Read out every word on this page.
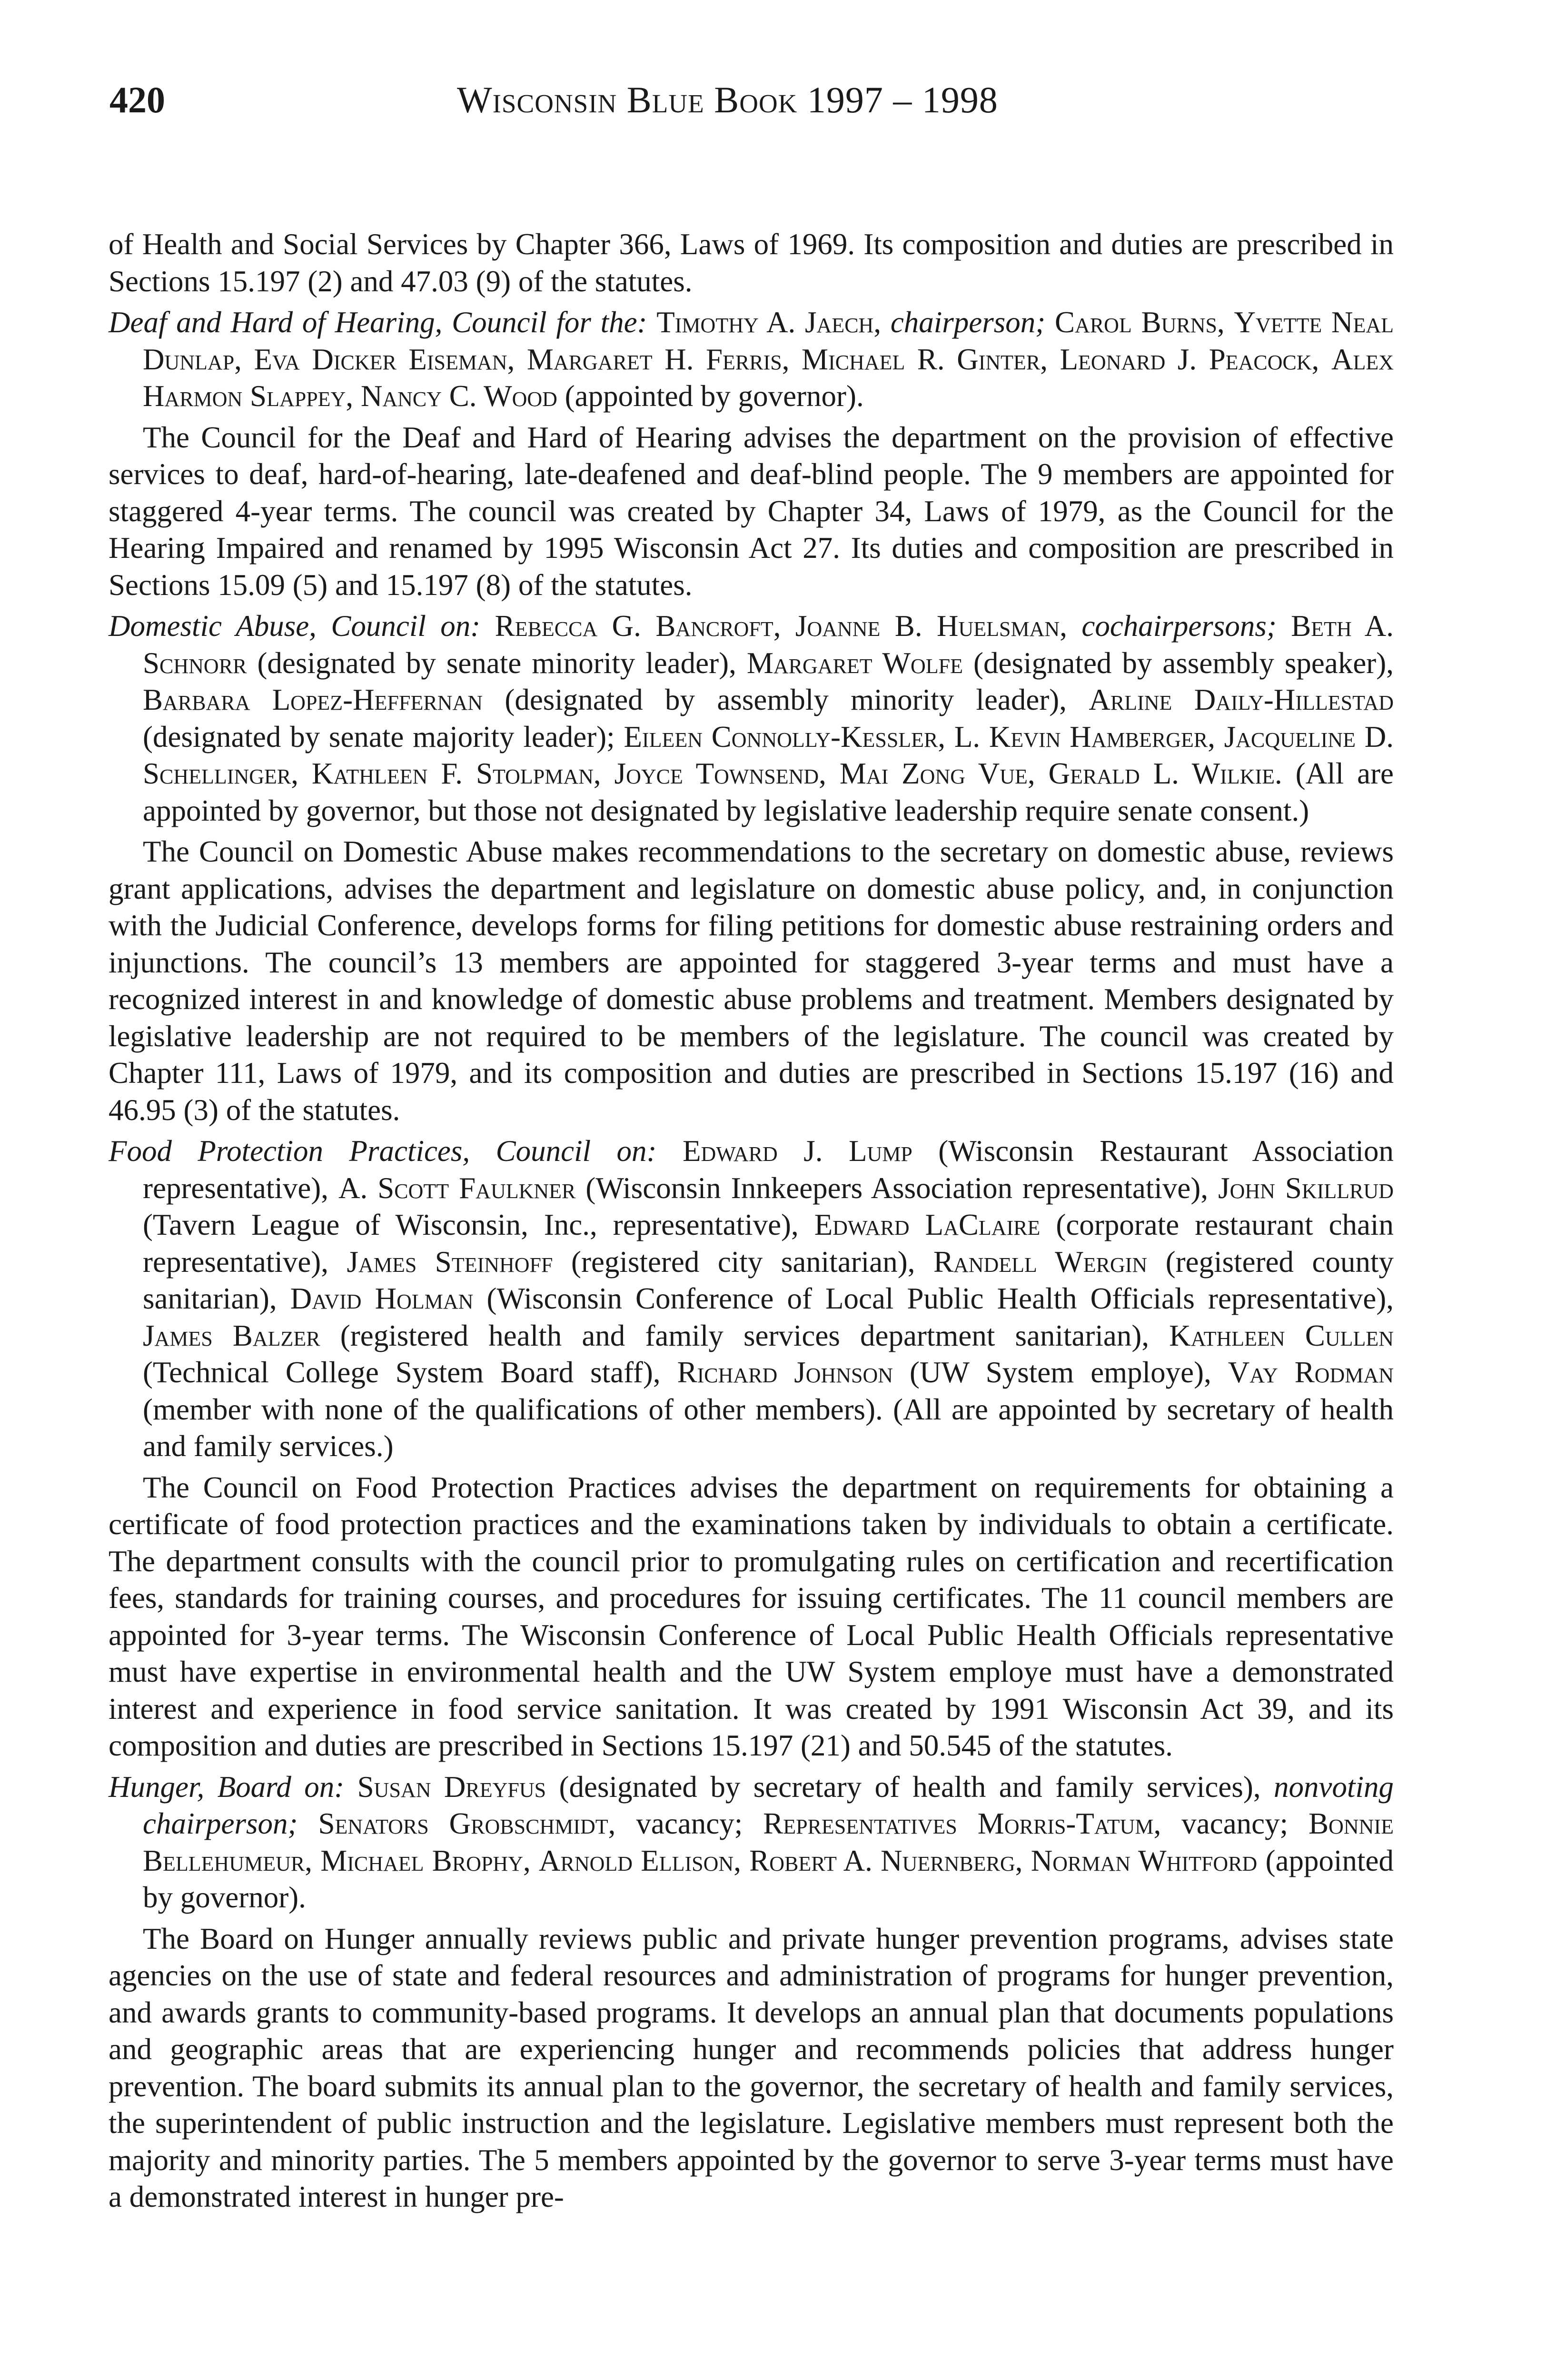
420	Wisconsin Blue Book 1997 – 1998

of Health and Social Services by Chapter 366, Laws of 1969. Its composition and duties are prescribed in Sections 15.197 (2) and 47.03 (9) of the statutes.

Deaf and Hard of Hearing, Council for the: Timothy A. Jaech, chairperson; Carol Burns, Yvette Neal Dunlap, Eva Dicker Eiseman, Margaret H. Ferris, Michael R. Ginter, Leonard J. Peacock, Alex Harmon Slappey, Nancy C. Wood (appointed by governor).

The Council for the Deaf and Hard of Hearing advises the department on the provision of effective services to deaf, hard-of-hearing, late-deafened and deaf-blind people. The 9 members are appointed for staggered 4-year terms. The council was created by Chapter 34, Laws of 1979, as the Council for the Hearing Impaired and renamed by 1995 Wisconsin Act 27. Its duties and composition are prescribed in Sections 15.09 (5) and 15.197 (8) of the statutes.

Domestic Abuse, Council on: Rebecca G. Bancroft, Joanne B. Huelsman, cochairpersons; Beth A. Schnorr (designated by senate minority leader), Margaret Wolfe (designated by assembly speaker), Barbara Lopez-Heffernan (designated by assembly minority leader), Arline Daily-Hillestad (designated by senate majority leader); Eileen Connolly-Kessler, L. Kevin Hamberger, Jacqueline D. Schellinger, Kathleen F. Stolpman, Joyce Townsend, Mai Zong Vue, Gerald L. Wilkie. (All are appointed by governor, but those not designated by legislative leadership require senate consent.)

The Council on Domestic Abuse makes recommendations to the secretary on domestic abuse, reviews grant applications, advises the department and legislature on domestic abuse policy, and, in conjunction with the Judicial Conference, develops forms for filing petitions for domestic abuse restraining orders and injunctions. The council’s 13 members are appointed for staggered 3-year terms and must have a recognized interest in and knowledge of domestic abuse problems and treatment. Members designated by legislative leadership are not required to be members of the legislature. The council was created by Chapter 111, Laws of 1979, and its composition and duties are prescribed in Sections 15.197 (16) and 46.95 (3) of the statutes.

Food Protection Practices, Council on: Edward J. Lump (Wisconsin Restaurant Association representative), A. Scott Faulkner (Wisconsin Innkeepers Association representative), John Skillrud (Tavern League of Wisconsin, Inc., representative), Edward LaClaire (corporate restaurant chain representative), James Steinhoff (registered city sanitarian), Randell Wergin (registered county sanitarian), David Holman (Wisconsin Conference of Local Public Health Officials representative), James Balzer (registered health and family services department sanitarian), Kathleen Cullen (Technical College System Board staff), Richard Johnson (UW System employe), Vay Rodman (member with none of the qualifications of other members). (All are appointed by secretary of health and family services.)

The Council on Food Protection Practices advises the department on requirements for obtaining a certificate of food protection practices and the examinations taken by individuals to obtain a certificate. The department consults with the council prior to promulgating rules on certification and recertification fees, standards for training courses, and procedures for issuing certificates. The 11 council members are appointed for 3-year terms. The Wisconsin Conference of Local Public Health Officials representative must have expertise in environmental health and the UW System employe must have a demonstrated interest and experience in food service sanitation. It was created by 1991 Wisconsin Act 39, and its composition and duties are prescribed in Sections 15.197 (21) and 50.545 of the statutes.

Hunger, Board on: Susan Dreyfus (designated by secretary of health and family services), nonvoting chairperson; Senators Grobschmidt, vacancy; Representatives Morris-Tatum, vacancy; Bonnie Bellehumeur, Michael Brophy, Arnold Ellison, Robert A. Nuernberg, Norman Whitford (appointed by governor).

The Board on Hunger annually reviews public and private hunger prevention programs, advises state agencies on the use of state and federal resources and administration of programs for hunger prevention, and awards grants to community-based programs. It develops an annual plan that documents populations and geographic areas that are experiencing hunger and recommends policies that address hunger prevention. The board submits its annual plan to the governor, the secretary of health and family services, the superintendent of public instruction and the legislature. Legislative members must represent both the majority and minority parties. The 5 members appointed by the governor to serve 3-year terms must have a demonstrated interest in hunger pre-
